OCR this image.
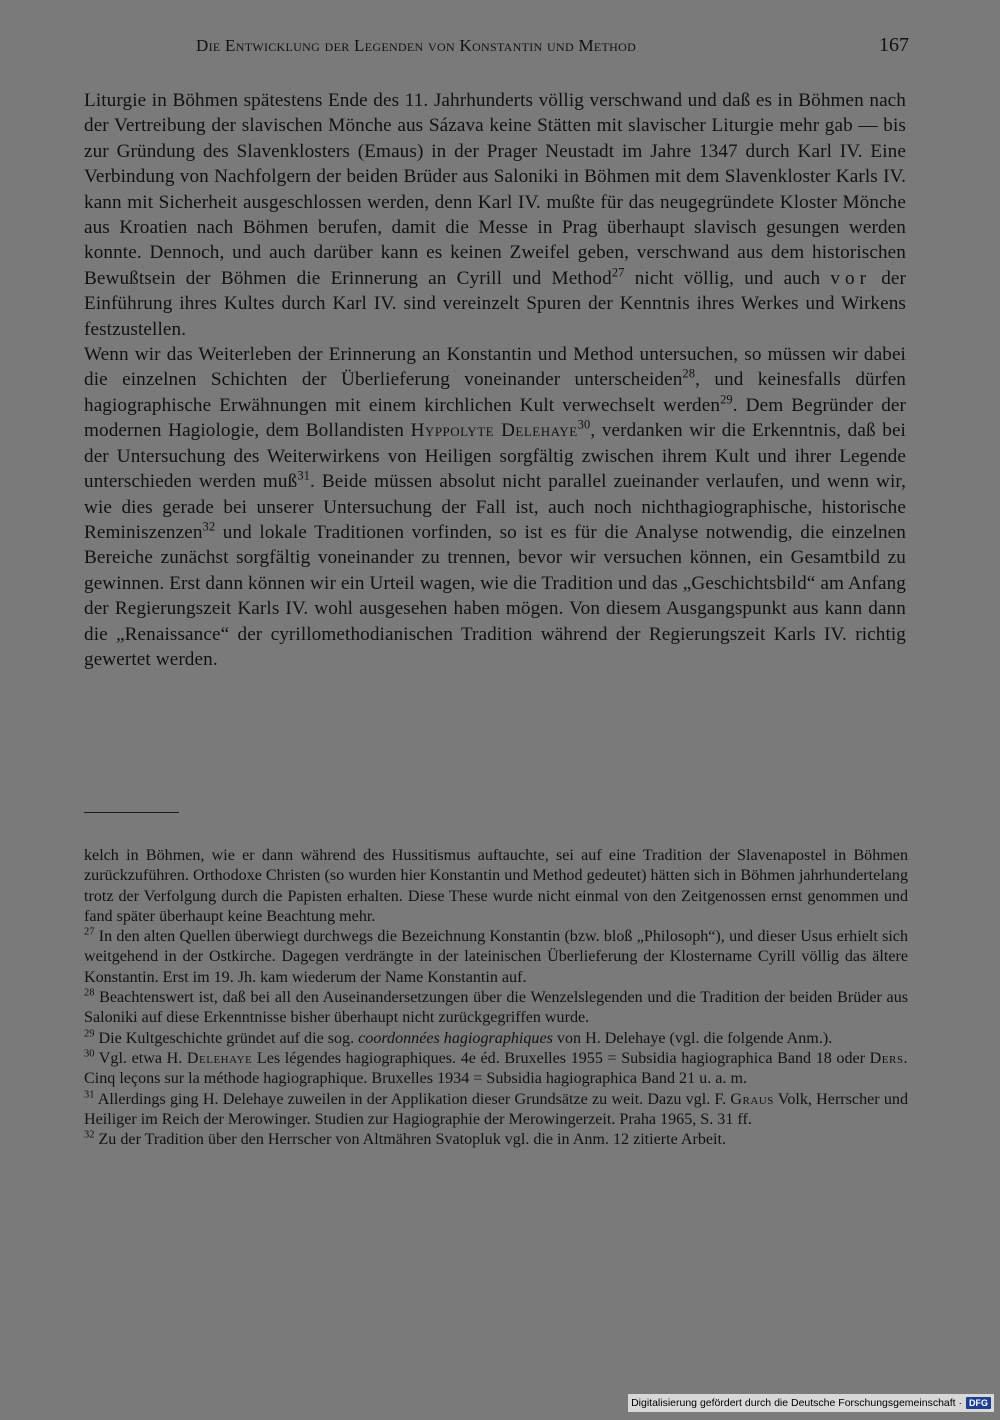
Die Entwicklung der Legenden von Konstantin und Method	167

Liturgie in Böhmen spätestens Ende des 11. Jahrhunderts völlig verschwand und daß es in Böhmen nach der Vertreibung der slavischen Mönche aus Sázava keine Stätten mit slavischer Liturgie mehr gab — bis zur Gründung des Slavenklosters (Emaus) in der Prager Neustadt im Jahre 1347 durch Karl IV. Eine Verbindung von Nachfolgern der beiden Brüder aus Saloniki in Böhmen mit dem Slavenkloster Karls IV. kann mit Sicherheit ausgeschlossen werden, denn Karl IV. mußte für das neugegründete Kloster Mönche aus Kroatien nach Böhmen berufen, damit die Messe in Prag überhaupt slavisch gesungen werden konnte. Dennoch, und auch darüber kann es keinen Zweifel geben, verschwand aus dem historischen Bewußtsein der Böhmen die Erinnerung an Cyrill und Method$^{27}$ nicht völlig, und auch vor der Einführung ihres Kultes durch Karl IV. sind vereinzelt Spuren der Kenntnis ihres Werkes und Wirkens festzustellen.

Wenn wir das Weiterleben der Erinnerung an Konstantin und Method untersuchen, so müssen wir dabei die einzelnen Schichten der Überlieferung voneinander unterscheiden$^{28}$, und keinesfalls dürfen hagiographische Erwähnungen mit einem kirchlichen Kult verwechselt werden$^{29}$. Dem Begründer der modernen Hagiologie, dem Bollandisten Hyppolyte Delehaye$^{30}$, verdanken wir die Erkenntnis, daß bei der Untersuchung des Weiterwirkens von Heiligen sorgfältig zwischen ihrem Kult und ihrer Legende unterschieden werden muß$^{31}$. Beide müssen absolut nicht parallel zueinander verlaufen, und wenn wir, wie dies gerade bei unserer Untersuchung der Fall ist, auch noch nichthagiographische, historische Reminiszenzen$^{32}$ und lokale Traditionen vorfinden, so ist es für die Analyse notwendig, die einzelnen Bereiche zunächst sorgfältig voneinander zu trennen, bevor wir versuchen können, ein Gesamtbild zu gewinnen. Erst dann können wir ein Urteil wagen, wie die Tradition und das „Geschichtsbild“ am Anfang der Regierungszeit Karls IV. wohl ausgesehen haben mögen. Von diesem Ausgangspunkt aus kann dann die „Renaissance“ der cyrillomethodianischen Tradition während der Regierungszeit Karls IV. richtig gewertet werden.

kelch in Böhmen, wie er dann während des Hussitismus auftauchte, sei auf eine Tradition der Slavenapostel in Böhmen zurückzuführen. Orthodoxe Christen (so wurden hier Konstantin und Method gedeutet) hätten sich in Böhmen jahrhundertelang trotz der Verfolgung durch die Papisten erhalten. Diese These wurde nicht einmal von den Zeitgenossen ernst genommen und fand später überhaupt keine Beachtung mehr.

$^{27}$ In den alten Quellen überwiegt durchwegs die Bezeichnung Konstantin (bzw. bloß „Philosoph“), und dieser Usus erhielt sich weitgehend in der Ostkirche. Dagegen verdrängte in der lateinischen Überlieferung der Klostername Cyrill völlig das ältere Konstantin. Erst im 19. Jh. kam wiederum der Name Konstantin auf.

$^{28}$ Beachtenswert ist, daß bei all den Auseinandersetzungen über die Wenzelslegenden und die Tradition der beiden Brüder aus Saloniki auf diese Erkenntnisse bisher überhaupt nicht zurückgegriffen wurde.

$^{29}$ Die Kultgeschichte gründet auf die sog. coordonnées hagiographiques von H. Delehaye (vgl. die folgende Anm.).

$^{30}$ Vgl. etwa H. Delehaye Les légendes hagiographiques. 4e éd. Bruxelles 1955 = Subsidia hagiographica Band 18 oder Ders. Cinq leçons sur la méthode hagiographique. Bruxelles 1934 = Subsidia hagiographica Band 21 u. a. m.

$^{31}$ Allerdings ging H. Delehaye zuweilen in der Applikation dieser Grundsätze zu weit. Dazu vgl. F. Graus Volk, Herrscher und Heiliger im Reich der Merowinger. Studien zur Hagiographie der Merowingerzeit. Praha 1965, S. 31 ff.

$^{32}$ Zu der Tradition über den Herrscher von Altmähren Svatopluk vgl. die in Anm. 12 zitierte Arbeit.

Digitalisierung gefördert durch die Deutsche Forschungsgemeinschaft · DFG
